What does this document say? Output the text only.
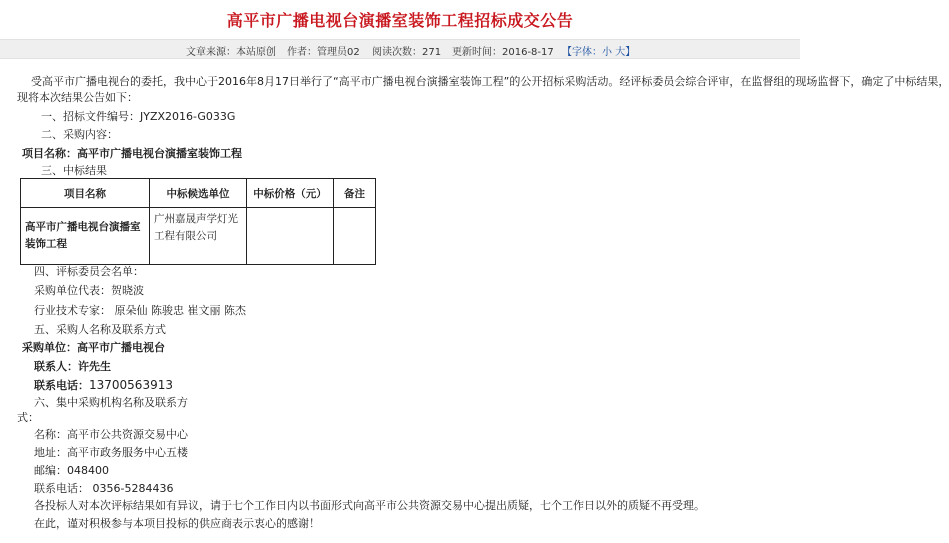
高平市广播电视台演播室装饰工程招标成交公告
文章来源：本站原创 作者：管理员02 阅读次数：271 更新时间：2016-8-17 【字体：小 大】
受高平市广播电视台的委托，我中心于2016年8月17日举行了“高平市广播电视台演播室装饰工程”的公开招标采购活动。经评标委员会综合评审，在监督组的现场监督下，确定了中标结果，
现将本次结果公告如下：
一、招标文件编号：JYZX2016-G033G
二、采购内容：
项目名称：高平市广播电视台演播室装饰工程
三、中标结果
项目名称	中标候选单位	中标价格（元）	备注
高平市广播电视台演播室装饰工程	广州嘉晟声学灯光工程有限公司		
四、评标委员会名单：
采购单位代表：贺晓波
行业技术专家： 原朵仙 陈骏忠 崔文丽 陈杰
五、采购人名称及联系方式
采购单位：高平市广播电视台
联系人：许先生
联系电话：13700563913
六、集中采购机构名称及联系方
式：
名称：高平市公共资源交易中心
地址：高平市政务服务中心五楼
邮编：048400
联系电话： 0356-5284436
各投标人对本次评标结果如有异议，请于七个工作日内以书面形式向高平市公共资源交易中心提出质疑，七个工作日以外的质疑不再受理。
在此，谨对积极参与本项目投标的供应商表示衷心的感谢！
